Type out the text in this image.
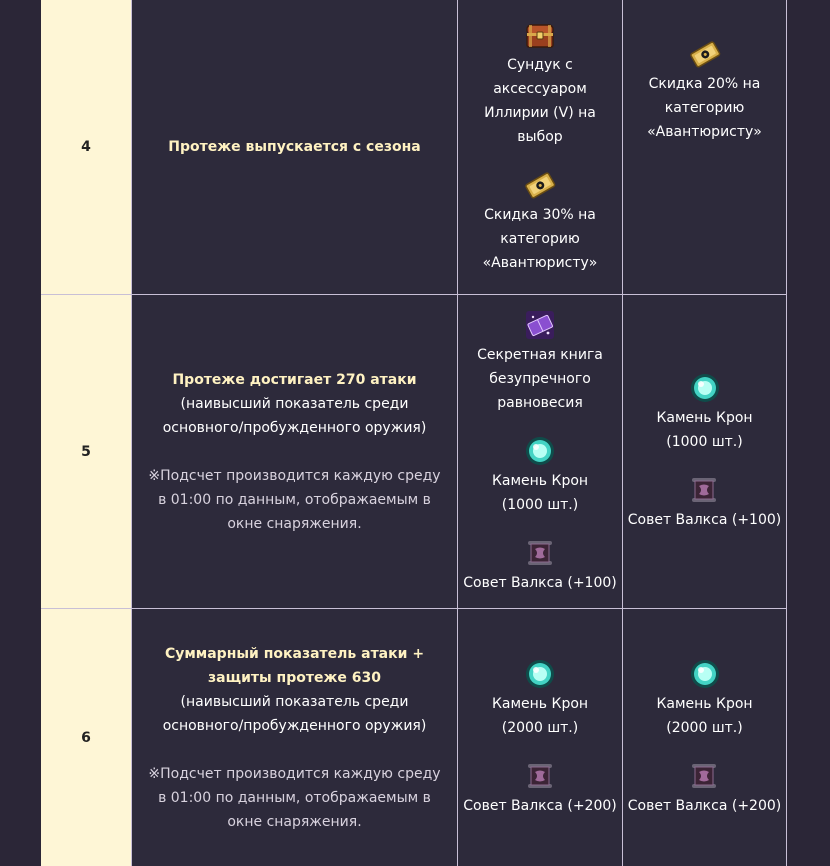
4	Протеже выпускается с сезона
Сундук с аксессуаром Иллирии (V) на выбор
Скидка 30% на категорию «Авантюристу»
Скидка 20% на категорию «Авантюристу»
5
Протеже достигает 270 атаки
(наивысший показатель среди основного/пробужденного оружия)
※Подсчет производится каждую среду в 01:00 по данным, отображаемым в окне снаряжения.
Секретная книга безупречного равновесия
Камень Крон (1000 шт.)
Совет Валкса (+100)
Камень Крон (1000 шт.)
Совет Валкса (+100)
6
Суммарный показатель атаки + защиты протеже 630
(наивысший показатель среди основного/пробужденного оружия)
※Подсчет производится каждую среду в 01:00 по данным, отображаемым в окне снаряжения.
Камень Крон (2000 шт.)
Совет Валкса (+200)
Камень Крон (2000 шт.)
Совет Валкса (+200)
